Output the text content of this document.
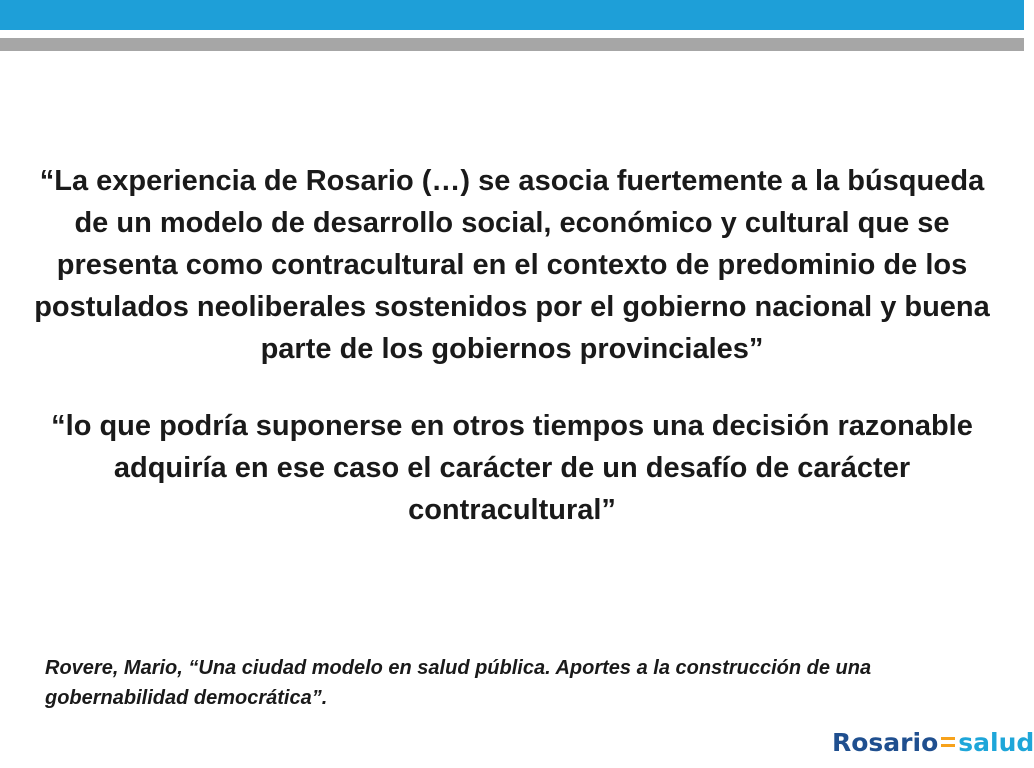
“La experiencia de Rosario (…) se asocia fuertemente a la búsqueda de un modelo de desarrollo social, económico y cultural que se presenta como contracultural en el contexto de predominio de los postulados neoliberales sostenidos por el gobierno nacional y buena parte de los gobiernos provinciales”

“lo que podría suponerse en otros tiempos una decisión razonable adquiría en ese caso el carácter de un desafío de carácter contracultural”

Rovere, Mario, “Una ciudad modelo en salud pública. Aportes a la construcción de una gobernabilidad democrática”.

Rosario salud
